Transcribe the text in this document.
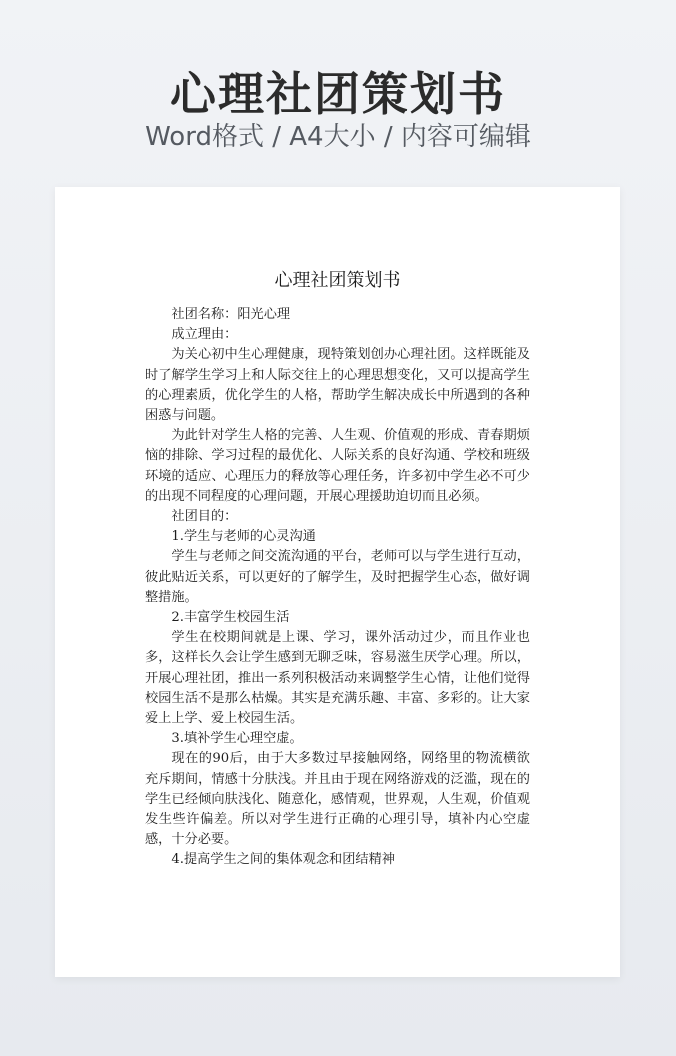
心理社团策划书
Word格式 / A4大小 / 内容可编辑
心理社团策划书

社团名称：阳光心理

成立理由：

为关心初中生心理健康，现特策划创办心理社团。这样既能及时了解学生学习上和人际交往上的心理思想变化，又可以提高学生的心理素质，优化学生的人格，帮助学生解决成长中所遇到的各种困惑与问题。

为此针对学生人格的完善、人生观、价值观的形成、青春期烦恼的排除、学习过程的最优化、人际关系的良好沟通、学校和班级环境的适应、心理压力的释放等心理任务，许多初中学生必不可少的出现不同程度的心理问题，开展心理援助迫切而且必须。

社团目的：

1.学生与老师的心灵沟通

学生与老师之间交流沟通的平台，老师可以与学生进行互动，彼此贴近关系，可以更好的了解学生，及时把握学生心态，做好调整措施。

2.丰富学生校园生活

学生在校期间就是上课、学习，课外活动过少，而且作业也多，这样长久会让学生感到无聊乏味，容易滋生厌学心理。所以，开展心理社团，推出一系列积极活动来调整学生心情，让他们觉得校园生活不是那么枯燥。其实是充满乐趣、丰富、多彩的。让大家爱上上学、爱上校园生活。

3.填补学生心理空虚。

现在的90后，由于大多数过早接触网络，网络里的物流横欲充斥期间，情感十分肤浅。并且由于现在网络游戏的泛滥，现在的学生已经倾向肤浅化、随意化，感情观，世界观，人生观，价值观发生些许偏差。所以对学生进行正确的心理引导，填补内心空虚感，十分必要。

4.提高学生之间的集体观念和团结精神
